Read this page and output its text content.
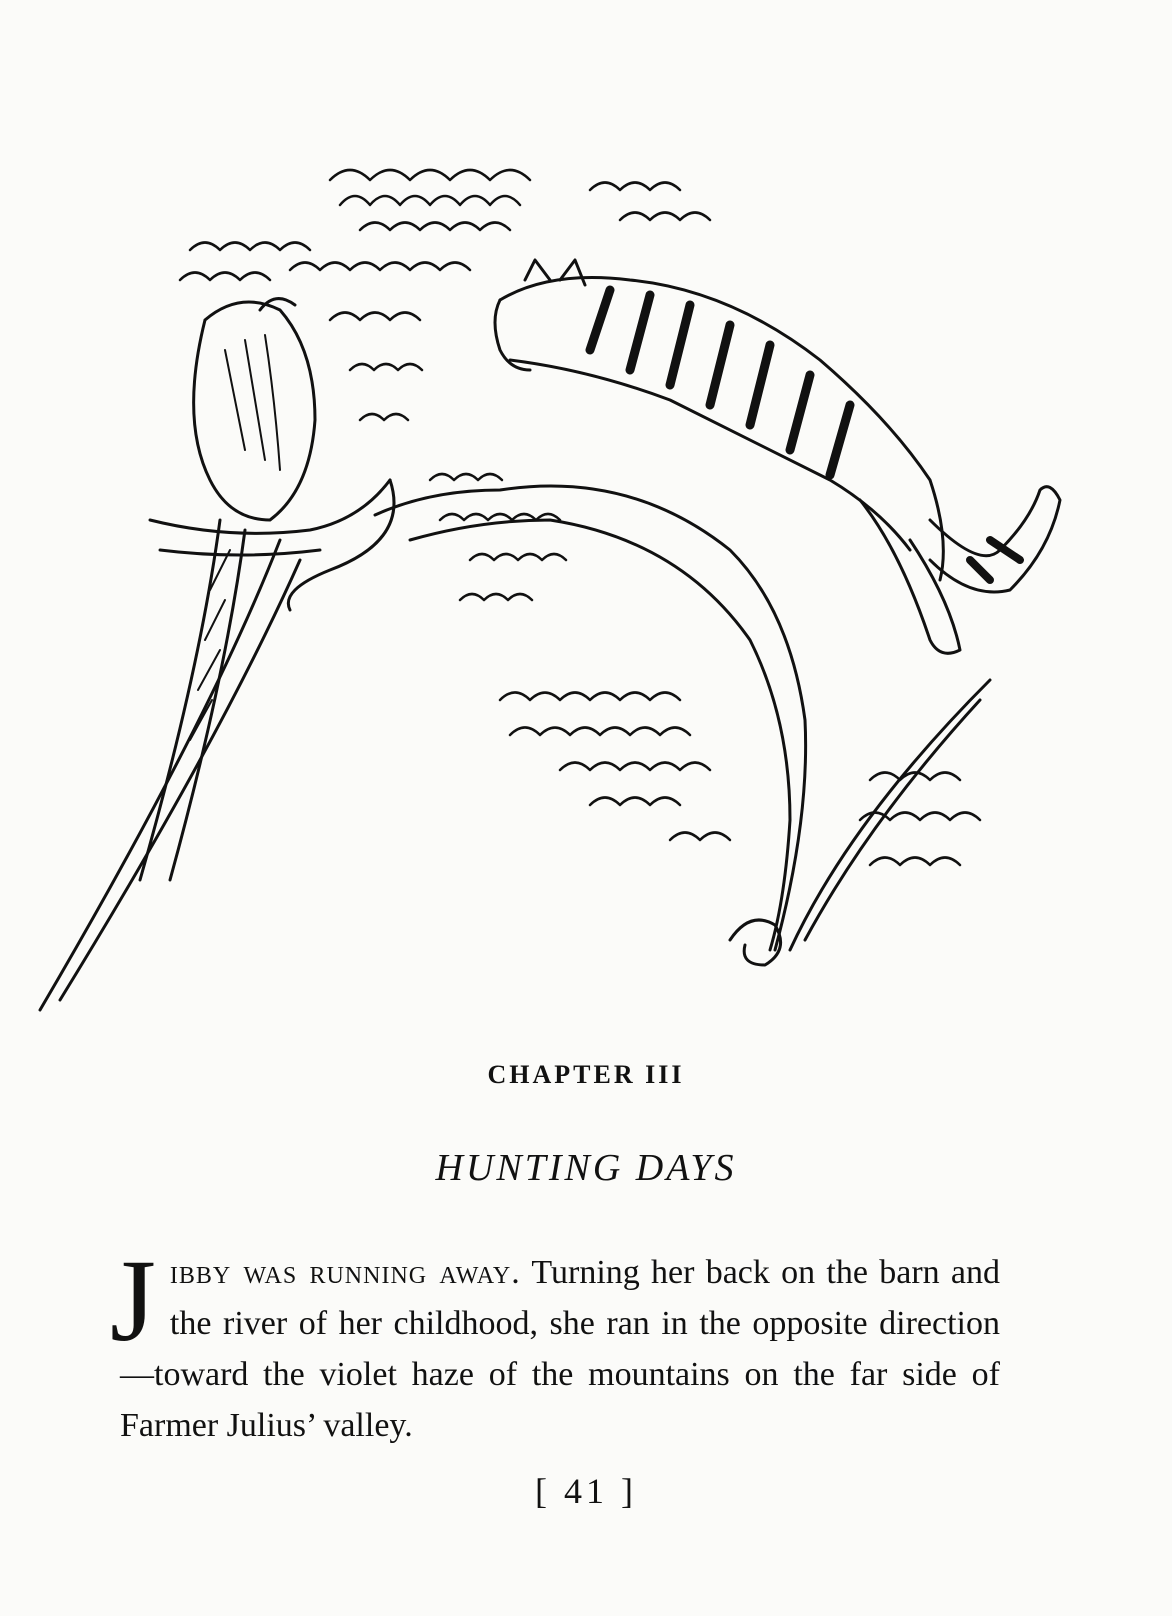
CHAPTER III
HUNTING DAYS
J ibby was running away. Turning her back on the barn and the river of her childhood, she ran in the opposite direction—toward the violet haze of the mountains on the far side of Farmer Julius’ valley.
[ 41 ]
